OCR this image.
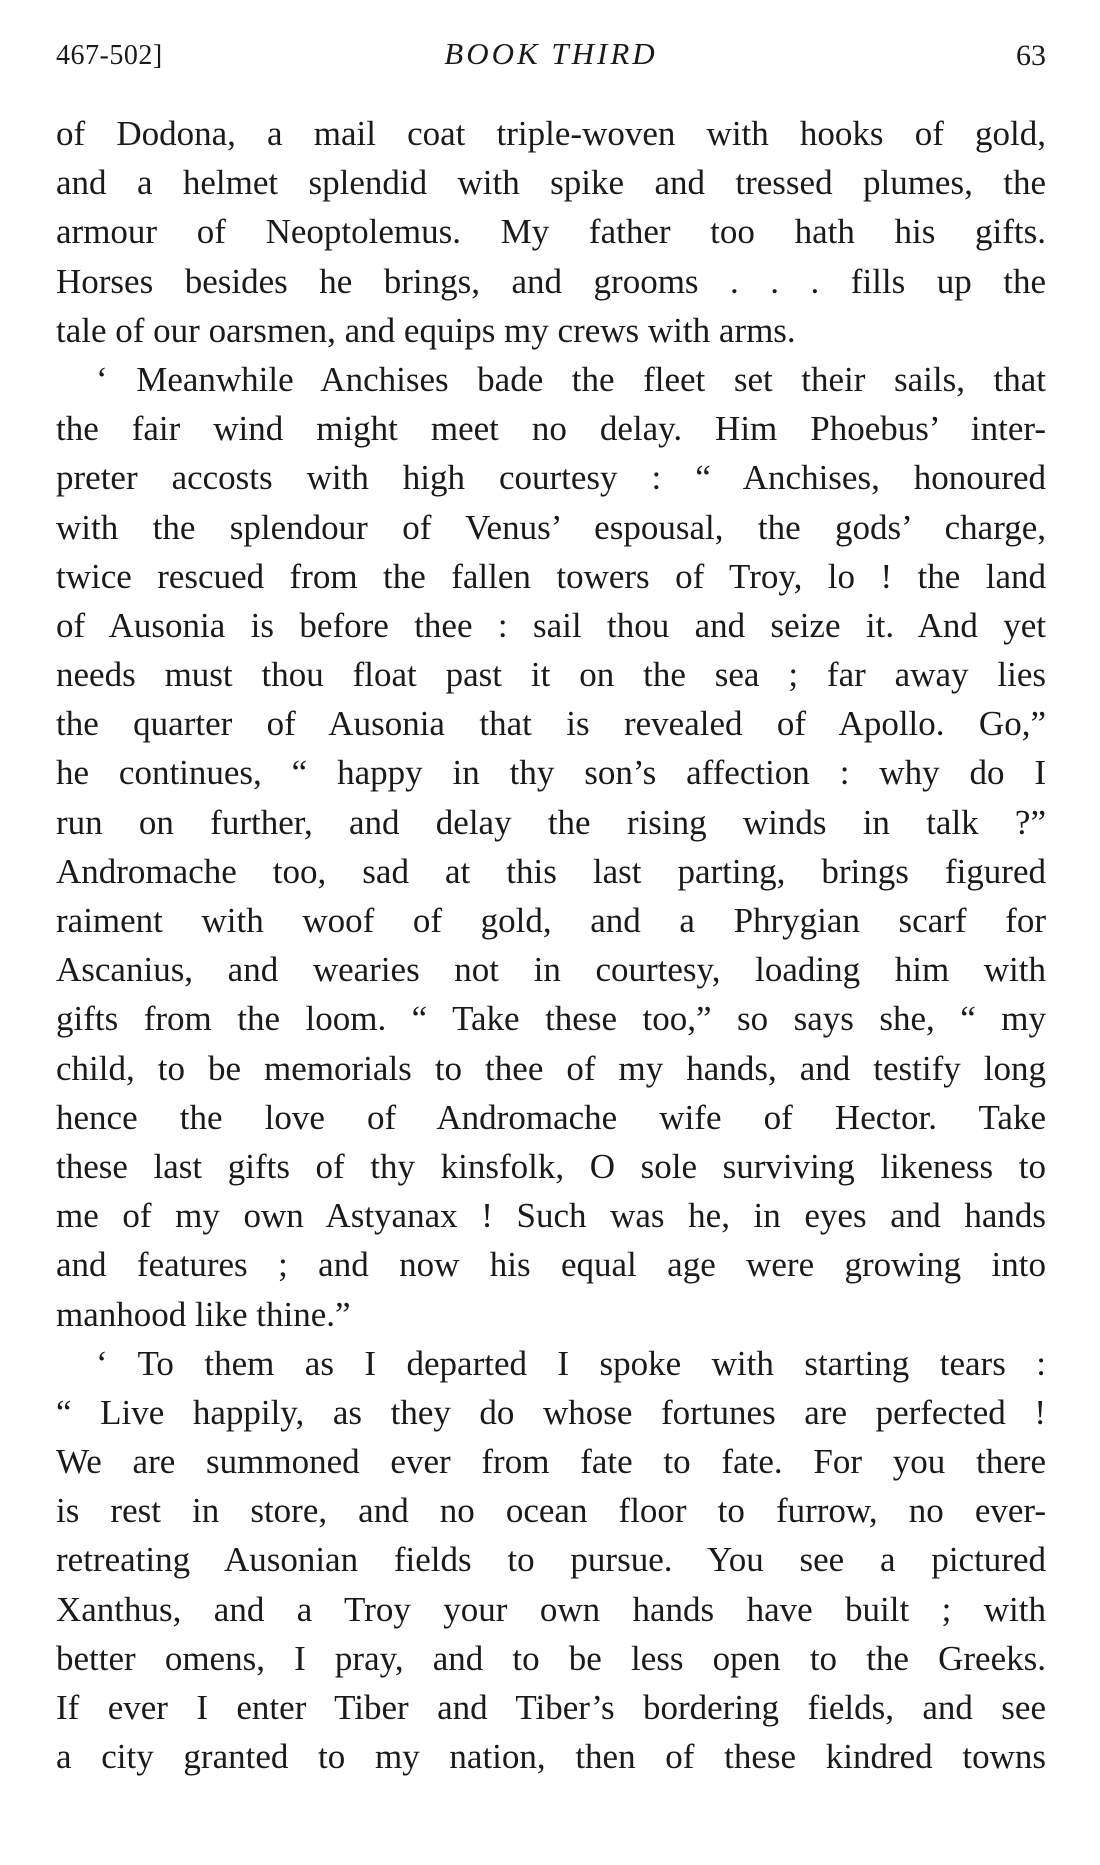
467-502]	BOOK THIRD	63
of Dodona, a mail coat triple-woven with hooks of gold,
and a helmet splendid with spike and tressed plumes, the
armour of Neoptolemus. My father too hath his gifts.
Horses besides he brings, and grooms . . . fills up the
tale of our oarsmen, and equips my crews with arms.
‘ Meanwhile Anchises bade the fleet set their sails, that
the fair wind might meet no delay. Him Phoebus’ inter-
preter accosts with high courtesy : “ Anchises, honoured
with the splendour of Venus’ espousal, the gods’ charge,
twice rescued from the fallen towers of Troy, lo ! the land
of Ausonia is before thee : sail thou and seize it. And yet
needs must thou float past it on the sea ; far away lies
the quarter of Ausonia that is revealed of Apollo. Go,”
he continues, “ happy in thy son’s affection : why do I
run on further, and delay the rising winds in talk ?”
Andromache too, sad at this last parting, brings figured
raiment with woof of gold, and a Phrygian scarf for
Ascanius, and wearies not in courtesy, loading him with
gifts from the loom. “ Take these too,” so says she, “ my
child, to be memorials to thee of my hands, and testify long
hence the love of Andromache wife of Hector. Take
these last gifts of thy kinsfolk, O sole surviving likeness to
me of my own Astyanax ! Such was he, in eyes and hands
and features ; and now his equal age were growing into
manhood like thine.”
‘ To them as I departed I spoke with starting tears :
“ Live happily, as they do whose fortunes are perfected !
We are summoned ever from fate to fate. For you there
is rest in store, and no ocean floor to furrow, no ever-
retreating Ausonian fields to pursue. You see a pictured
Xanthus, and a Troy your own hands have built ; with
better omens, I pray, and to be less open to the Greeks.
If ever I enter Tiber and Tiber’s bordering fields, and see
a city granted to my nation, then of these kindred towns
